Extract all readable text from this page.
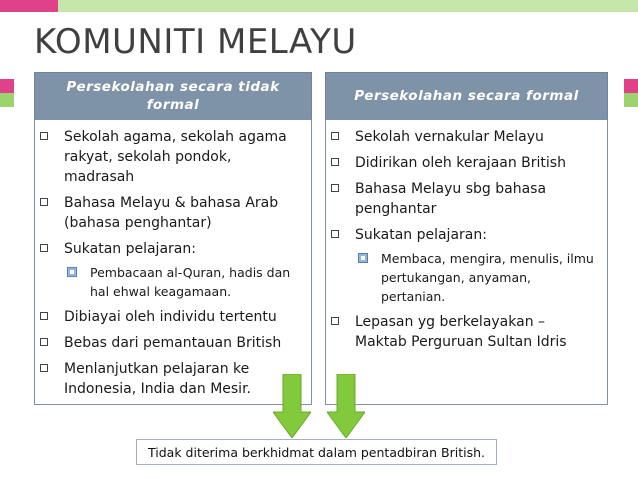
KOMUNITI MELAYU
Persekolahan secara tidak
formal
Sekolah agama, sekolah agama rakyat, sekolah pondok, madrasah
Bahasa Melayu & bahasa Arab (bahasa penghantar)
Sukatan pelajaran:
Pembacaan al-Quran, hadis dan hal ehwal keagamaan.
Dibiayai oleh individu tertentu
Bebas dari pemantauan British
Menlanjutkan pelajaran ke Indonesia, India dan Mesir.
Persekolahan secara formal
Sekolah vernakular Melayu
Didirikan oleh kerajaan British
Bahasa Melayu sbg bahasa penghantar
Sukatan pelajaran:
Membaca, mengira, menulis, ilmu pertukangan, anyaman, pertanian.
Lepasan yg berkelayakan – Maktab Perguruan Sultan Idris
Tidak diterima berkhidmat dalam pentadbiran British.
